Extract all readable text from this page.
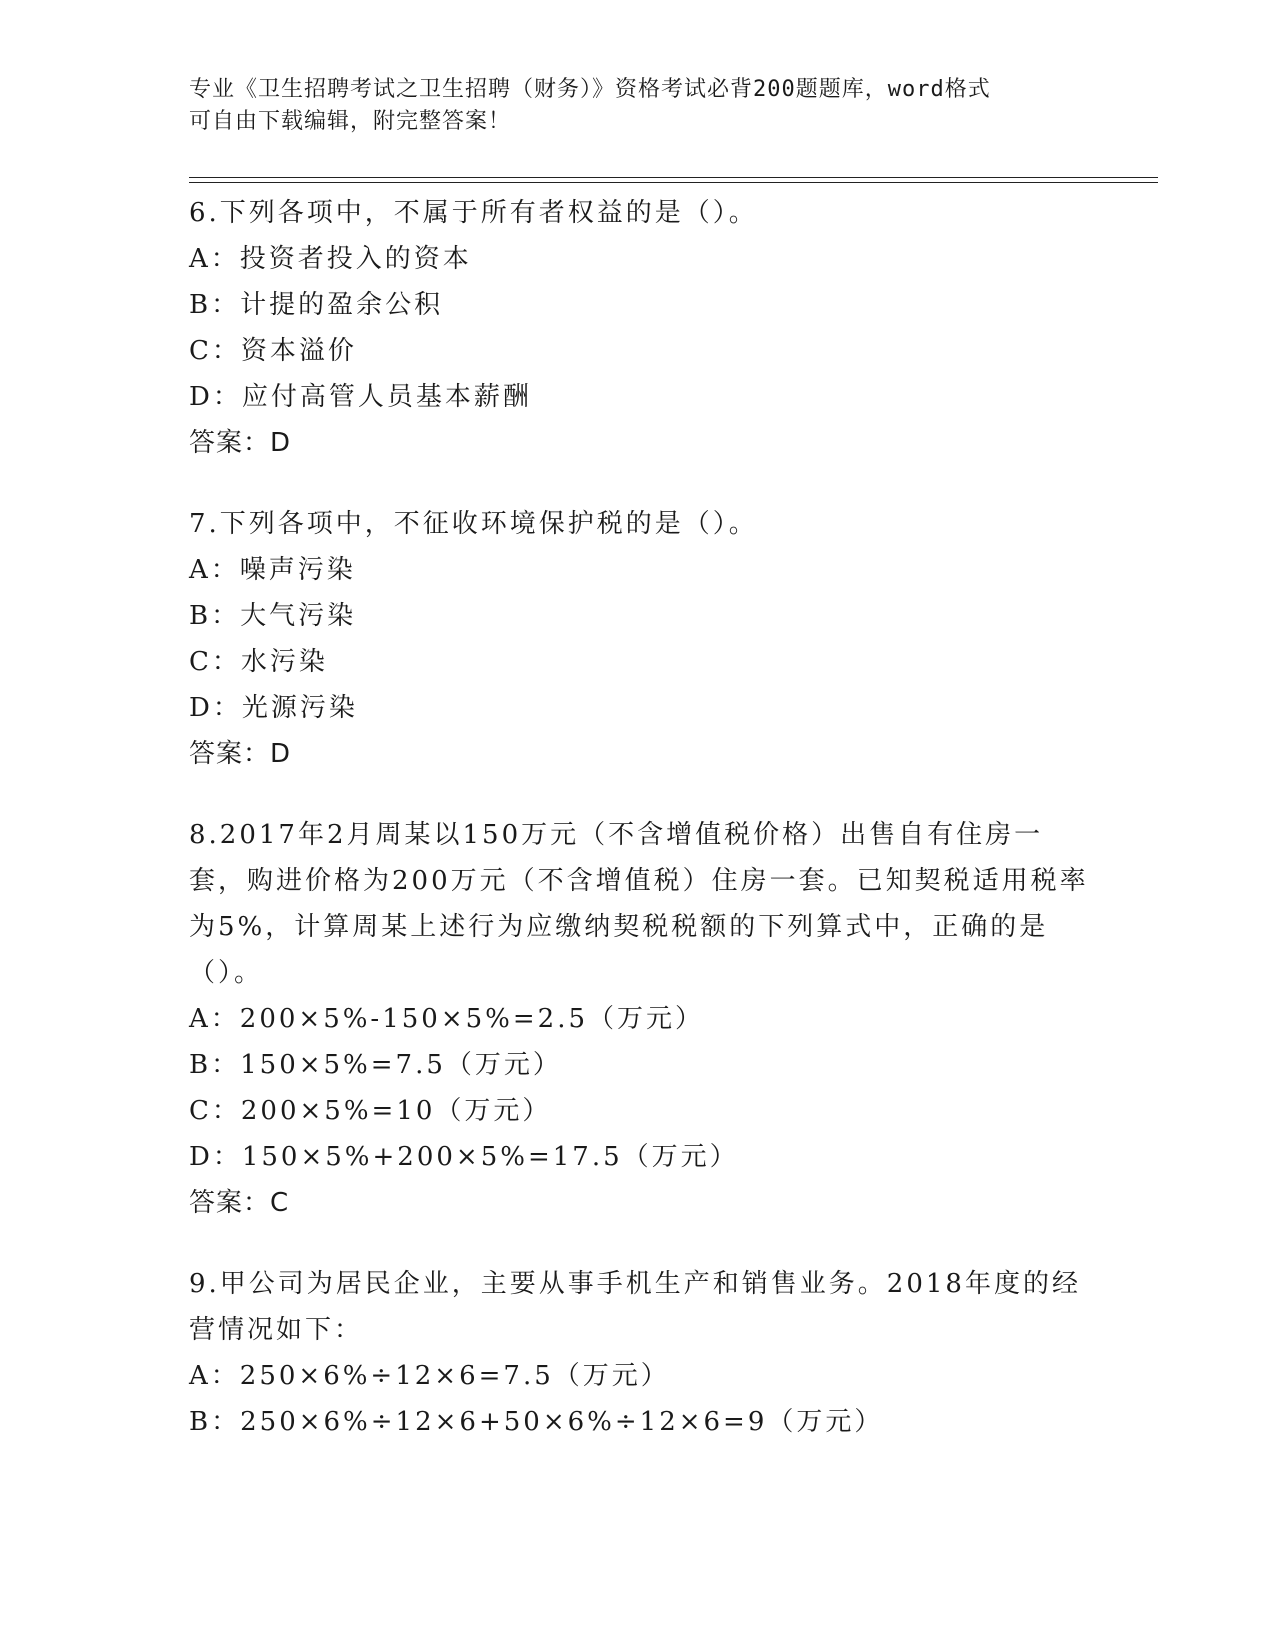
专业《卫生招聘考试之卫生招聘（财务）》资格考试必背200题题库，word格式
可自由下载编辑，附完整答案！

6.下列各项中，不属于所有者权益的是（）。

A：投资者投入的资本
B：计提的盈余公积
C：资本溢价
D：应付高管人员基本薪酬
答案：D

7.下列各项中，不征收环境保护税的是（）。

A：噪声污染
B：大气污染
C：水污染
D：光源污染
答案：D

8.2017年2月周某以150万元（不含增值税价格）出售自有住房一套，购进价格为200万元（不含增值税）住房一套。已知契税适用税率为5%，计算周某上述行为应缴纳契税税额的下列算式中，正确的是（）。

A：200×5%-150×5%=2.5（万元）
B：150×5%=7.5（万元）
C：200×5%=10（万元）
D：150×5%+200×5%=17.5（万元）
答案：C

9.甲公司为居民企业，主要从事手机生产和销售业务。2018年度的经营情况如下：

A：250×6%÷12×6=7.5（万元）
B：250×6%÷12×6+50×6%÷12×6=9（万元）
